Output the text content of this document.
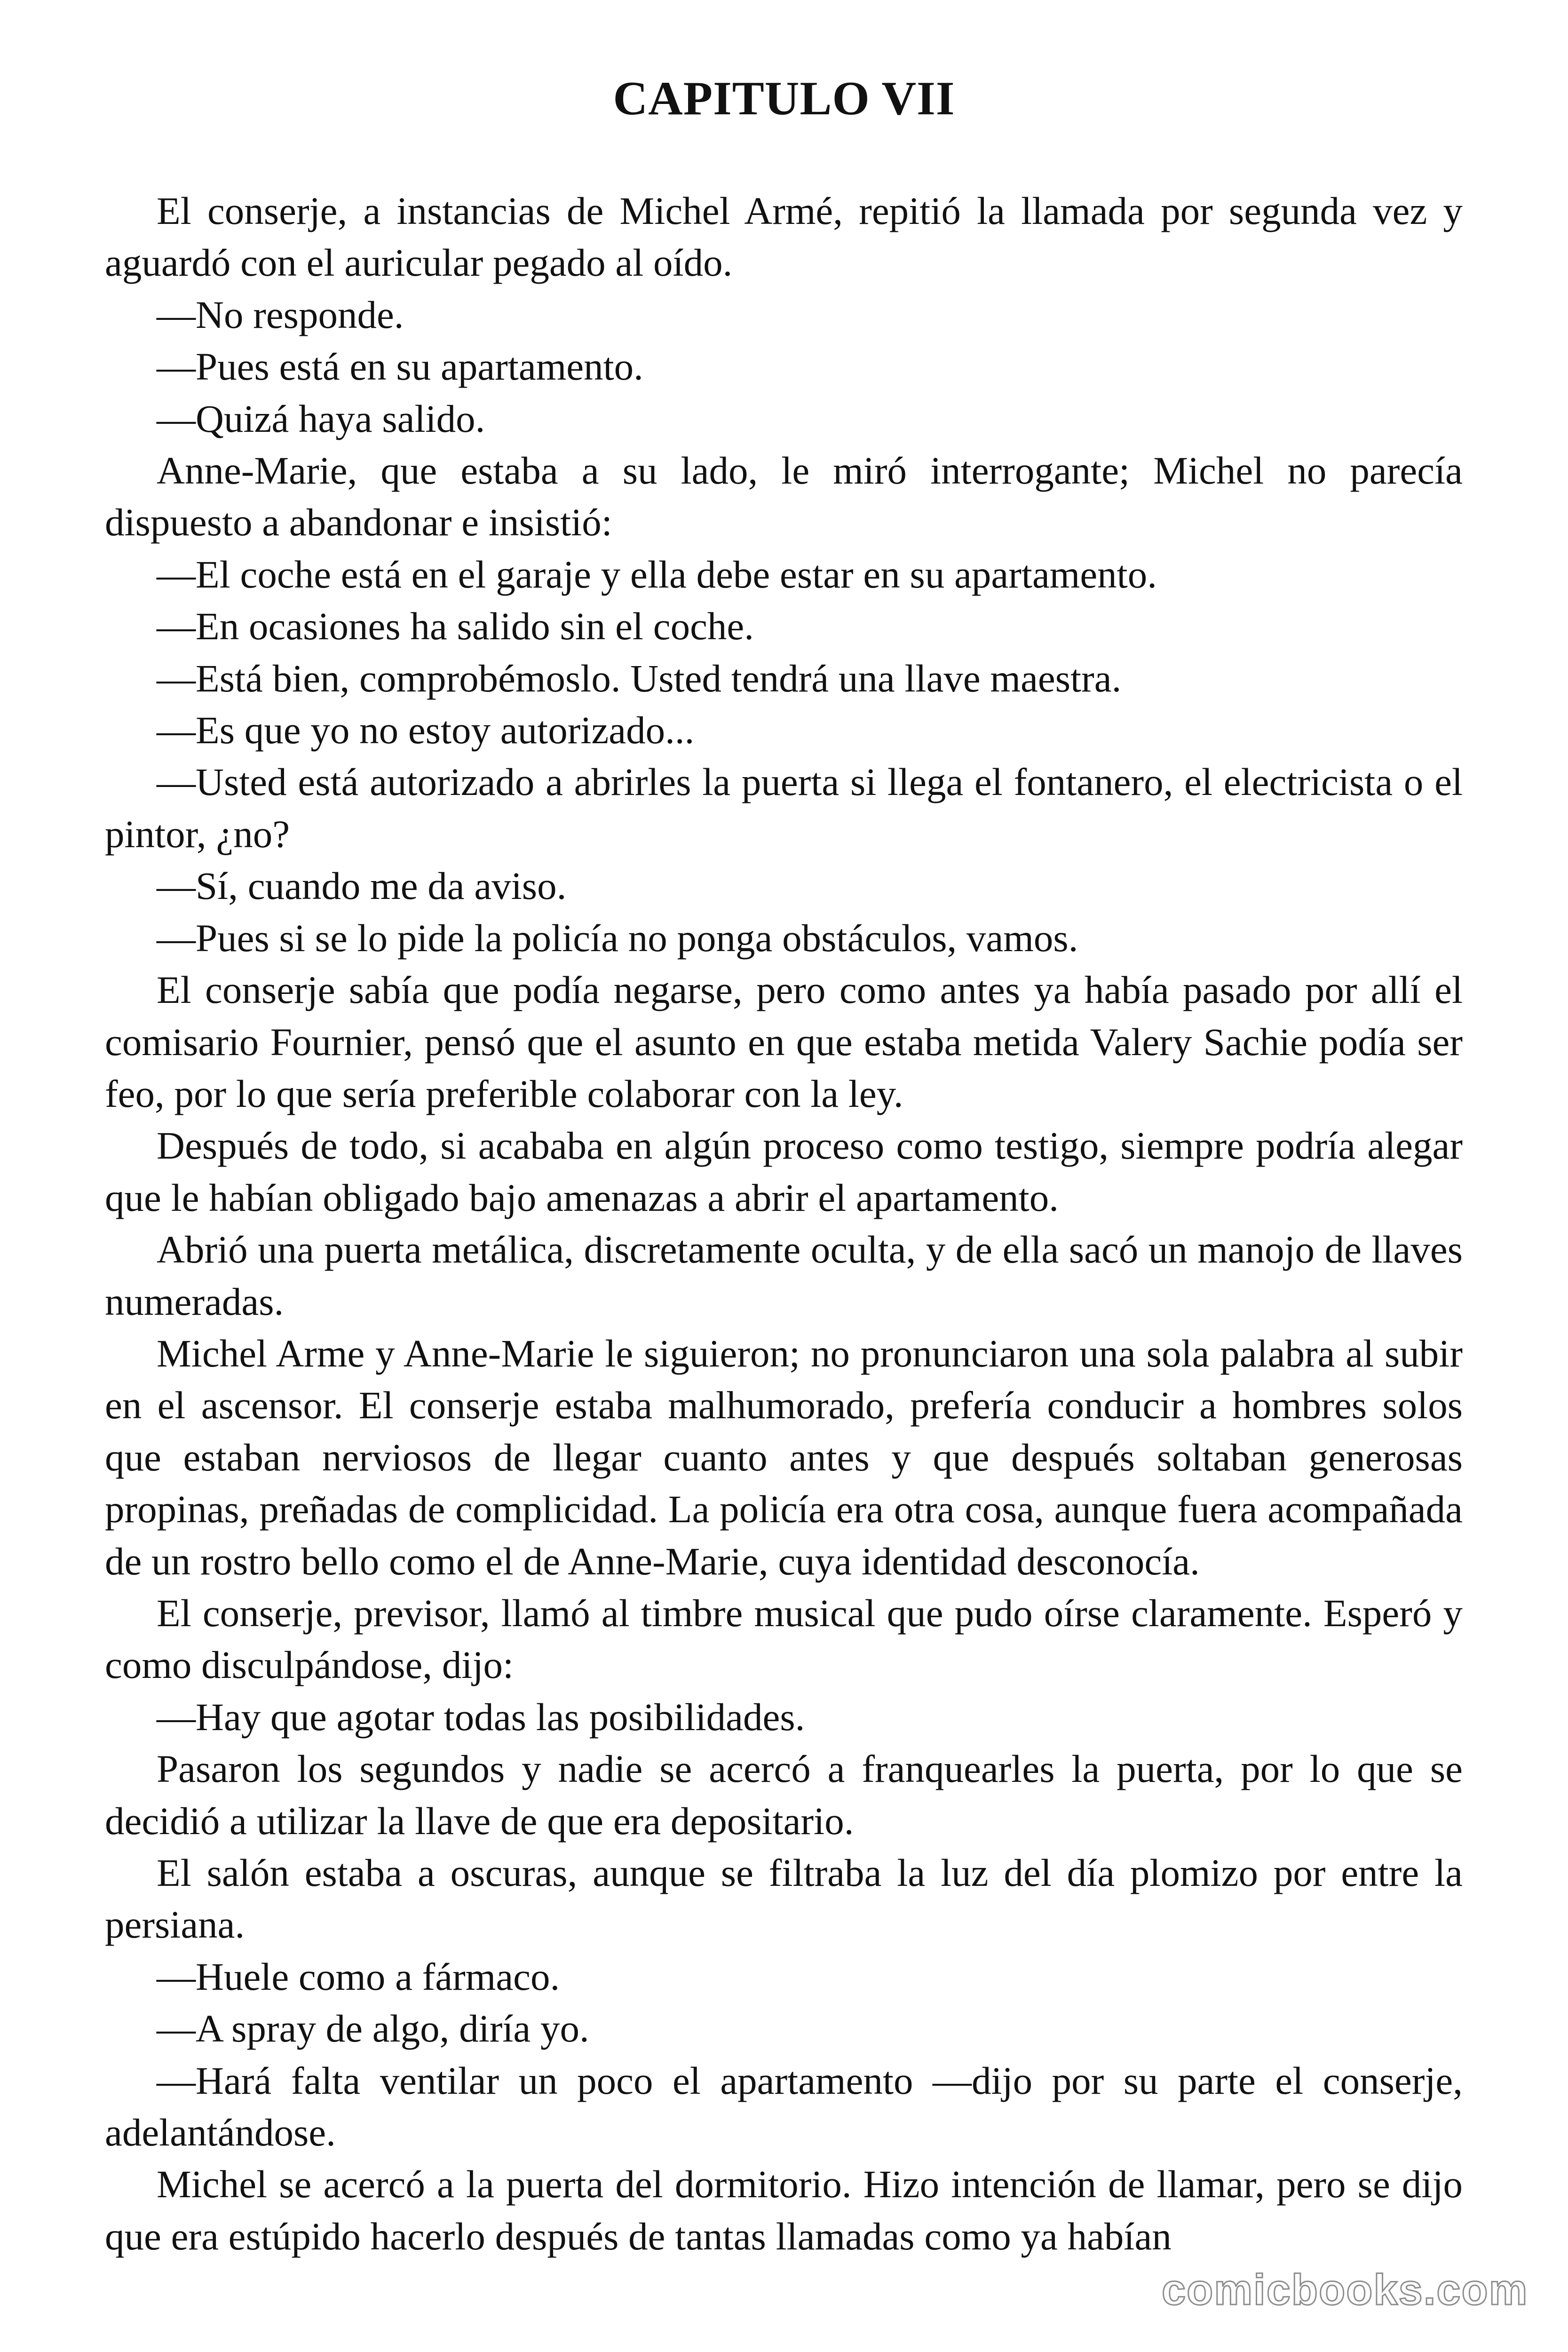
CAPITULO VII

El conserje, a instancias de Michel Armé, repitió la llamada por segunda vez y aguardó con el auricular pegado al oído.

—No responde.

—Pues está en su apartamento.

—Quizá haya salido.

Anne-Marie, que estaba a su lado, le miró interrogante; Michel no parecía dispuesto a abandonar e insistió:

—El coche está en el garaje y ella debe estar en su apartamento.

—En ocasiones ha salido sin el coche.

—Está bien, comprobémoslo. Usted tendrá una llave maestra.

—Es que yo no estoy autorizado...

—Usted está autorizado a abrirles la puerta si llega el fontanero, el electricista o el pintor, ¿no?

—Sí, cuando me da aviso.

—Pues si se lo pide la policía no ponga obstáculos, vamos.

El conserje sabía que podía negarse, pero como antes ya había pasado por allí el comisario Fournier, pensó que el asunto en que estaba metida Valery Sachie podía ser feo, por lo que sería preferible colaborar con la ley.

Después de todo, si acababa en algún proceso como testigo, siempre podría alegar que le habían obligado bajo amenazas a abrir el apartamento.

Abrió una puerta metálica, discretamente oculta, y de ella sacó un manojo de llaves numeradas.

Michel Arme y Anne-Marie le siguieron; no pronunciaron una sola palabra al subir en el ascensor. El conserje estaba malhumorado, prefería conducir a hombres solos que estaban nerviosos de llegar cuanto antes y que después soltaban generosas propinas, preñadas de complicidad. La policía era otra cosa, aunque fuera acompañada de un rostro bello como el de Anne-Marie, cuya identidad desconocía.

El conserje, previsor, llamó al timbre musical que pudo oírse claramente. Esperó y como disculpándose, dijo:

—Hay que agotar todas las posibilidades.

Pasaron los segundos y nadie se acercó a franquearles la puerta, por lo que se decidió a utilizar la llave de que era depositario.

El salón estaba a oscuras, aunque se filtraba la luz del día plomizo por entre la persiana.

—Huele como a fármaco.

—A spray de algo, diría yo.

—Hará falta ventilar un poco el apartamento —dijo por su parte el conserje, adelantándose.

Michel se acercó a la puerta del dormitorio. Hizo intención de llamar, pero se dijo que era estúpido hacerlo después de tantas llamadas como ya habían

comicbooks.com
